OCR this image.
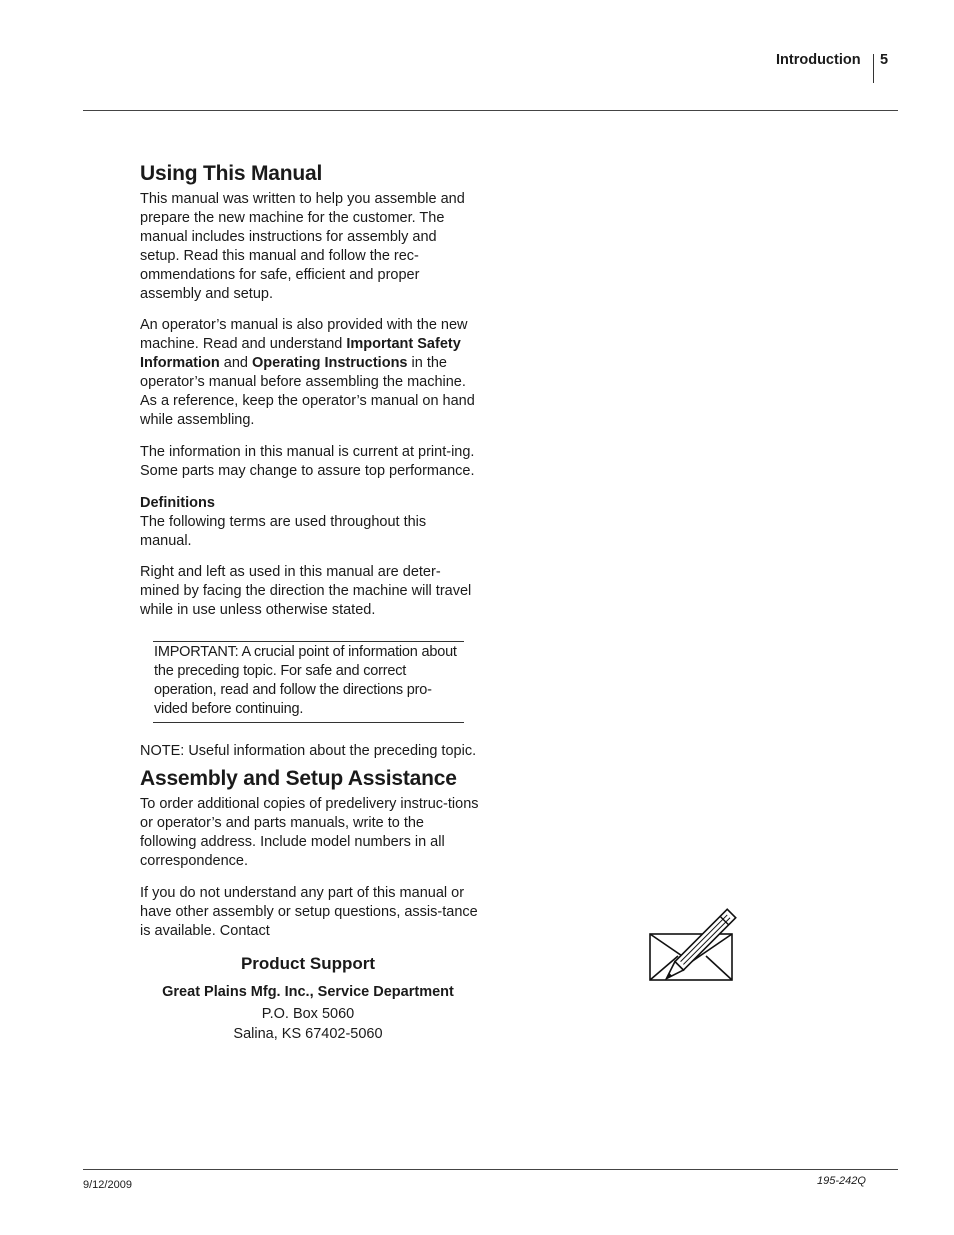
Introduction 5
Using This Manual

This manual was written to help you assemble and prepare the new machine for the customer. The manual includes instructions for assembly and setup. Read this manual and follow the rec-ommendations for safe, efficient and proper assembly and setup.

An operator’s manual is also provided with the new machine. Read and understand Important Safety Information and Operating Instructions in the operator’s manual before assembling the machine. As a reference, keep the operator’s manual on hand while assembling.

The information in this manual is current at print-ing. Some parts may change to assure top performance.

Definitions

The following terms are used throughout this manual.

Right and left as used in this manual are deter-mined by facing the direction the machine will travel while in use unless otherwise stated.

IMPORTANT: A crucial point of information about the preceding topic. For safe and correct operation, read and follow the directions pro-vided before continuing.

NOTE: Useful information about the preceding topic.

Assembly and Setup Assistance

To order additional copies of predelivery instruc-tions or operator’s and parts manuals, write to the following address. Include model numbers in all correspondence.

If you do not understand any part of this manual or have other assembly or setup questions, assis-tance is available. Contact

Product Support
Great Plains Mfg. Inc., Service Department
P.O. Box 5060
Salina, KS 67402-5060
9/12/2009	195-242Q
